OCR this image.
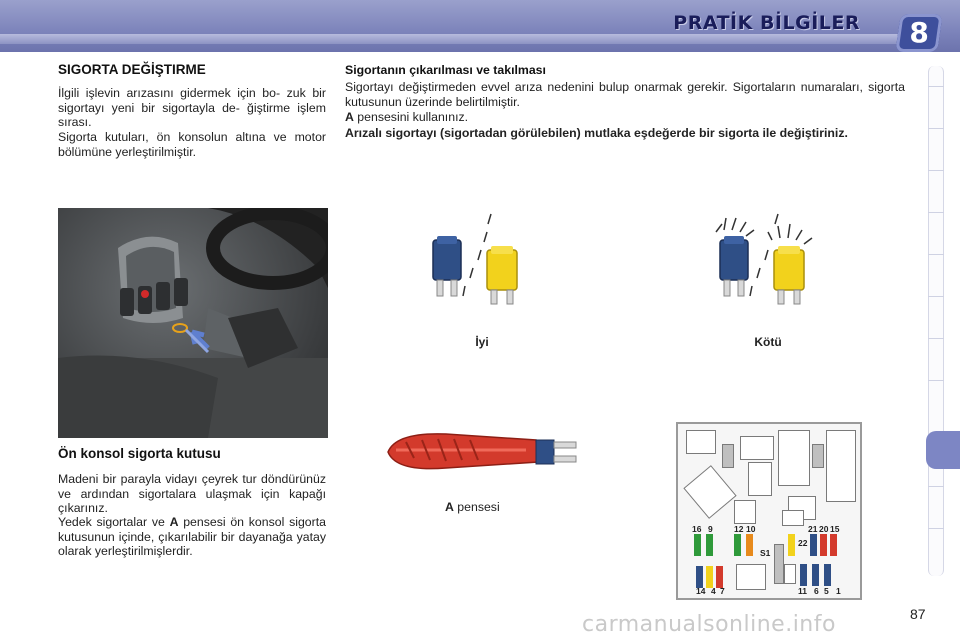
PRATİK BİLGİLER	8
SIGORTA DEĞİŞTIRME
İlgili işlevin arızasını gidermek için bo- zuk bir sigortayı yeni bir sigortayla de- ğiştirme işlem sırası.
Sigorta kutuları, ön konsolun altına ve motor bölümüne yerleştirilmiştir.
Ön konsol sigorta kutusu
Madeni bir parayla vidayı çeyrek tur döndürünüz ve ardından sigortalara ulaşmak için kapağı çıkarınız.
Yedek sigortalar ve A pensesi ön konsol sigorta kutusunun içinde, çıkarılabilir bir dayanağa yatay olarak yerleştirilmişlerdir.
Sigortanın çıkarılması ve takılması
Sigortayı değiştirmeden evvel arıza nedenini bulup onarmak gerekir. Sigortaların numaraları, sigorta kutusunun üzerinde belirtilmiştir.
A pensesini kullanınız.
Arızalı sigortayı (sigortadan görülebilen) mutlaka eşdeğerde bir sigorta ile değiştiriniz.
İyi	Kötü
A pensesi
16 9	12 10	21 20 15
22
S1
14 4 7	11 6 5 1
87
carmanualsonline.info
